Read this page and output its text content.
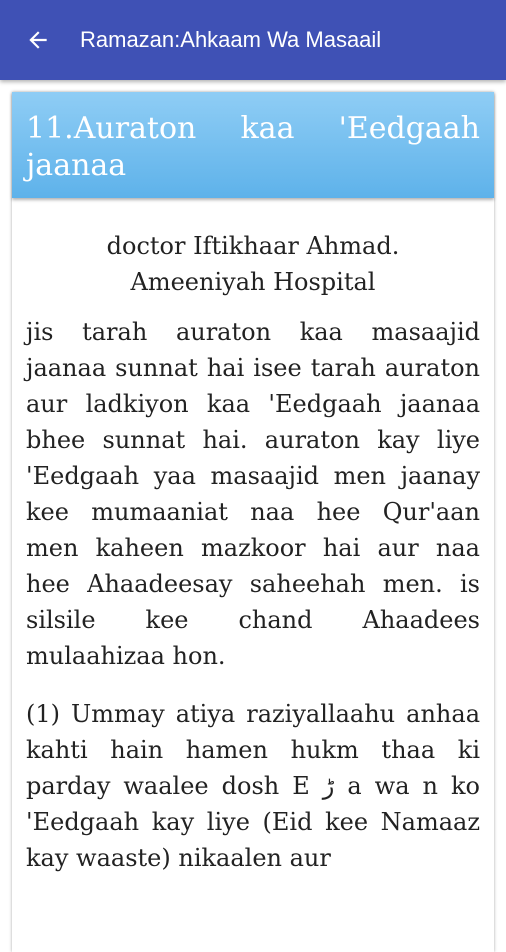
Ramazan:Ahkaam Wa Masaail
11.Auraton kaa 'Eedgaah jaanaa
doctor Iftikhaar Ahmad.
Ameeniyah Hospital

jis tarah auraton kaa masaajid jaanaa sunnat hai isee tarah auraton aur ladkiyon kaa 'Eedgaah jaanaa bhee sunnat hai. auraton kay liye 'Eedgaah yaa masaajid men jaanay kee mumaaniat naa hee Qur'aan men kaheen mazkoor hai aur naa hee Ahaadeesay saheehah men. is silsile kee chand Ahaadees mulaahizaa hon.

(1) Ummay atiya raziyallaahu anhaa kahti hain hamen hukm thaa ki parday waalee dosh E ڑ a wa n ko 'Eedgaah kay liye (Eid kee Namaaz kay waaste) nikaalen aur
